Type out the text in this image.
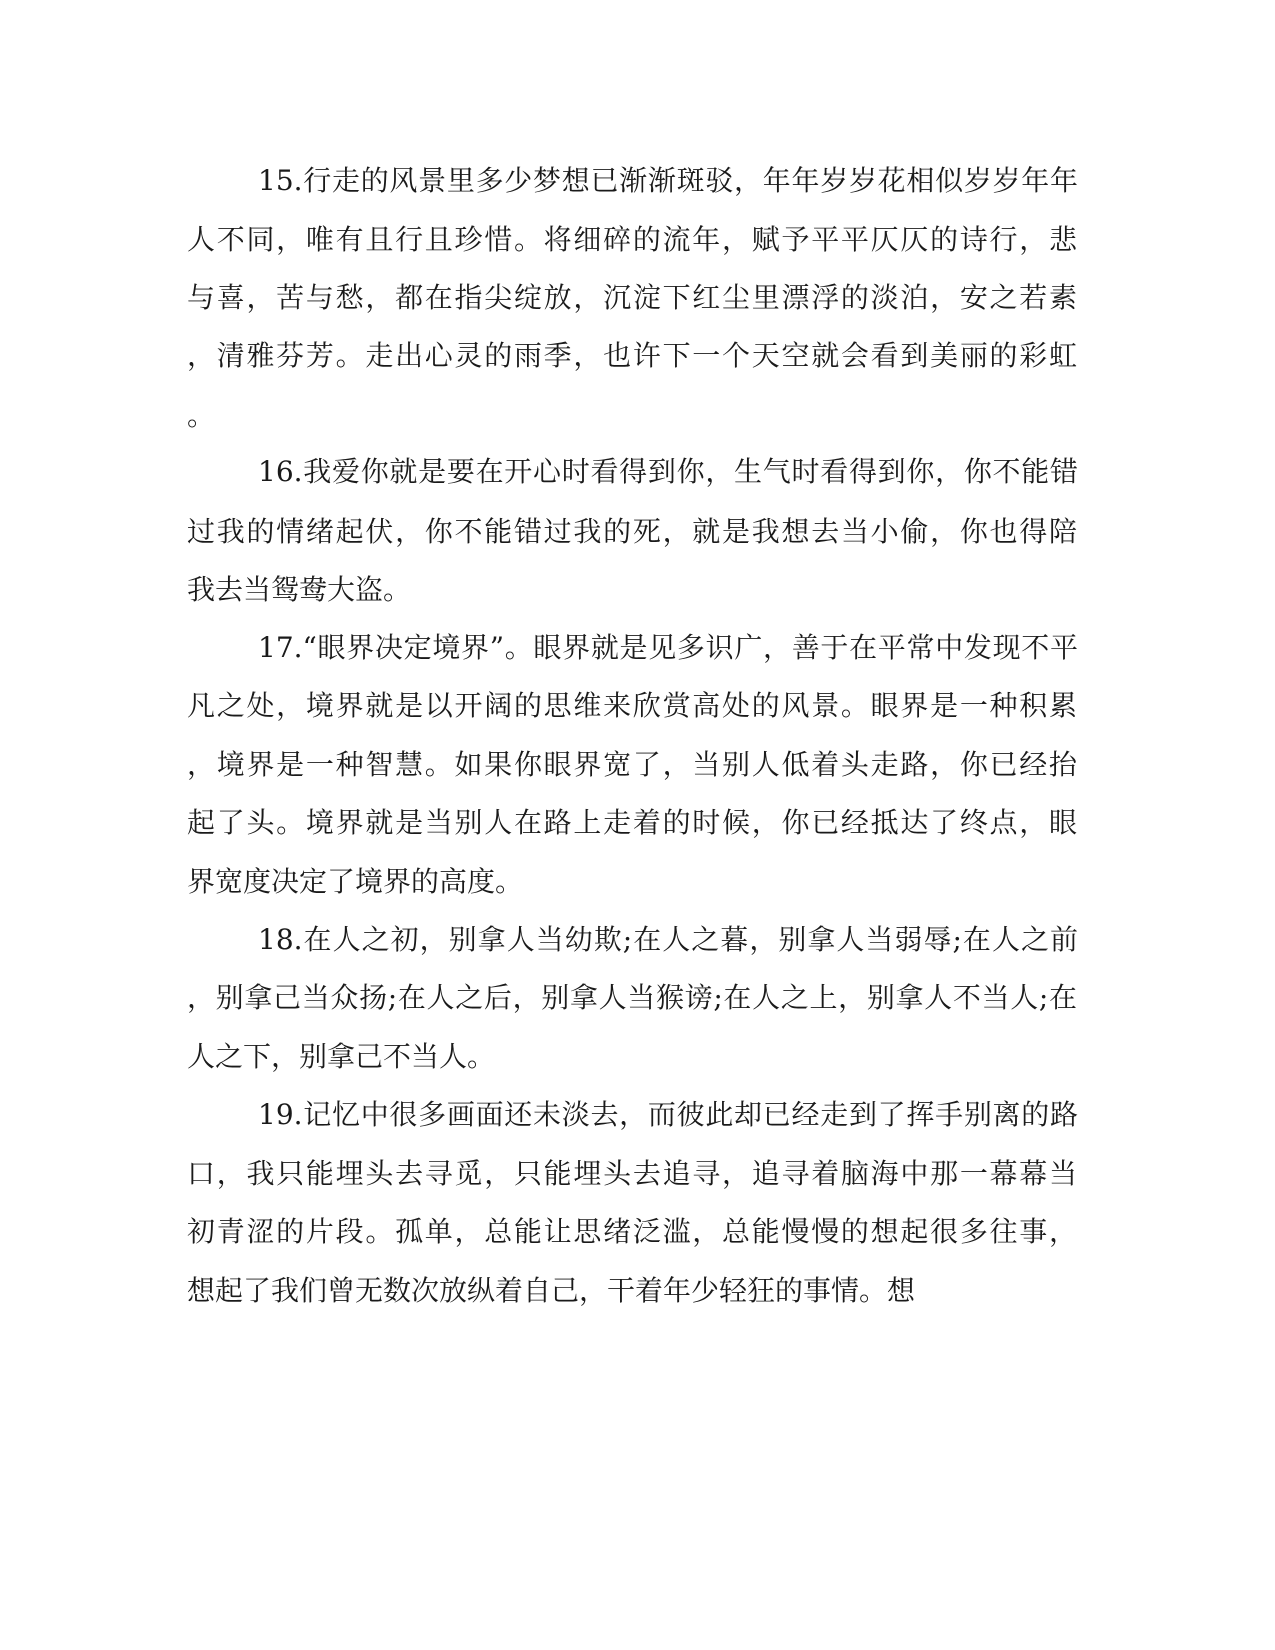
15.行走的风景里多少梦想已渐渐斑驳，年年岁岁花相似岁岁年年
人不同，唯有且行且珍惜。将细碎的流年，赋予平平仄仄的诗行，悲
与喜，苦与愁，都在指尖绽放，沉淀下红尘里漂浮的淡泊，安之若素
，清雅芬芳。走出心灵的雨季，也许下一个天空就会看到美丽的彩虹
。
16.我爱你就是要在开心时看得到你，生气时看得到你，你不能错
过我的情绪起伏，你不能错过我的死，就是我想去当小偷，你也得陪
我去当鸳鸯大盗。
17.“眼界决定境界”。眼界就是见多识广，善于在平常中发现不平
凡之处，境界就是以开阔的思维来欣赏高处的风景。眼界是一种积累
，境界是一种智慧。如果你眼界宽了，当别人低着头走路，你已经抬
起了头。境界就是当别人在路上走着的时候，你已经抵达了终点，眼
界宽度决定了境界的高度。
18.在人之初，别拿人当幼欺;在人之暮，别拿人当弱辱;在人之前
，别拿己当众扬;在人之后，别拿人当猴谤;在人之上，别拿人不当人;在
人之下，别拿己不当人。
19.记忆中很多画面还未淡去，而彼此却已经走到了挥手别离的路
口，我只能埋头去寻觅，只能埋头去追寻，追寻着脑海中那一幕幕当
初青涩的片段。孤单，总能让思绪泛滥，总能慢慢的想起很多往事，
想起了我们曾无数次放纵着自己，干着年少轻狂的事情。想
